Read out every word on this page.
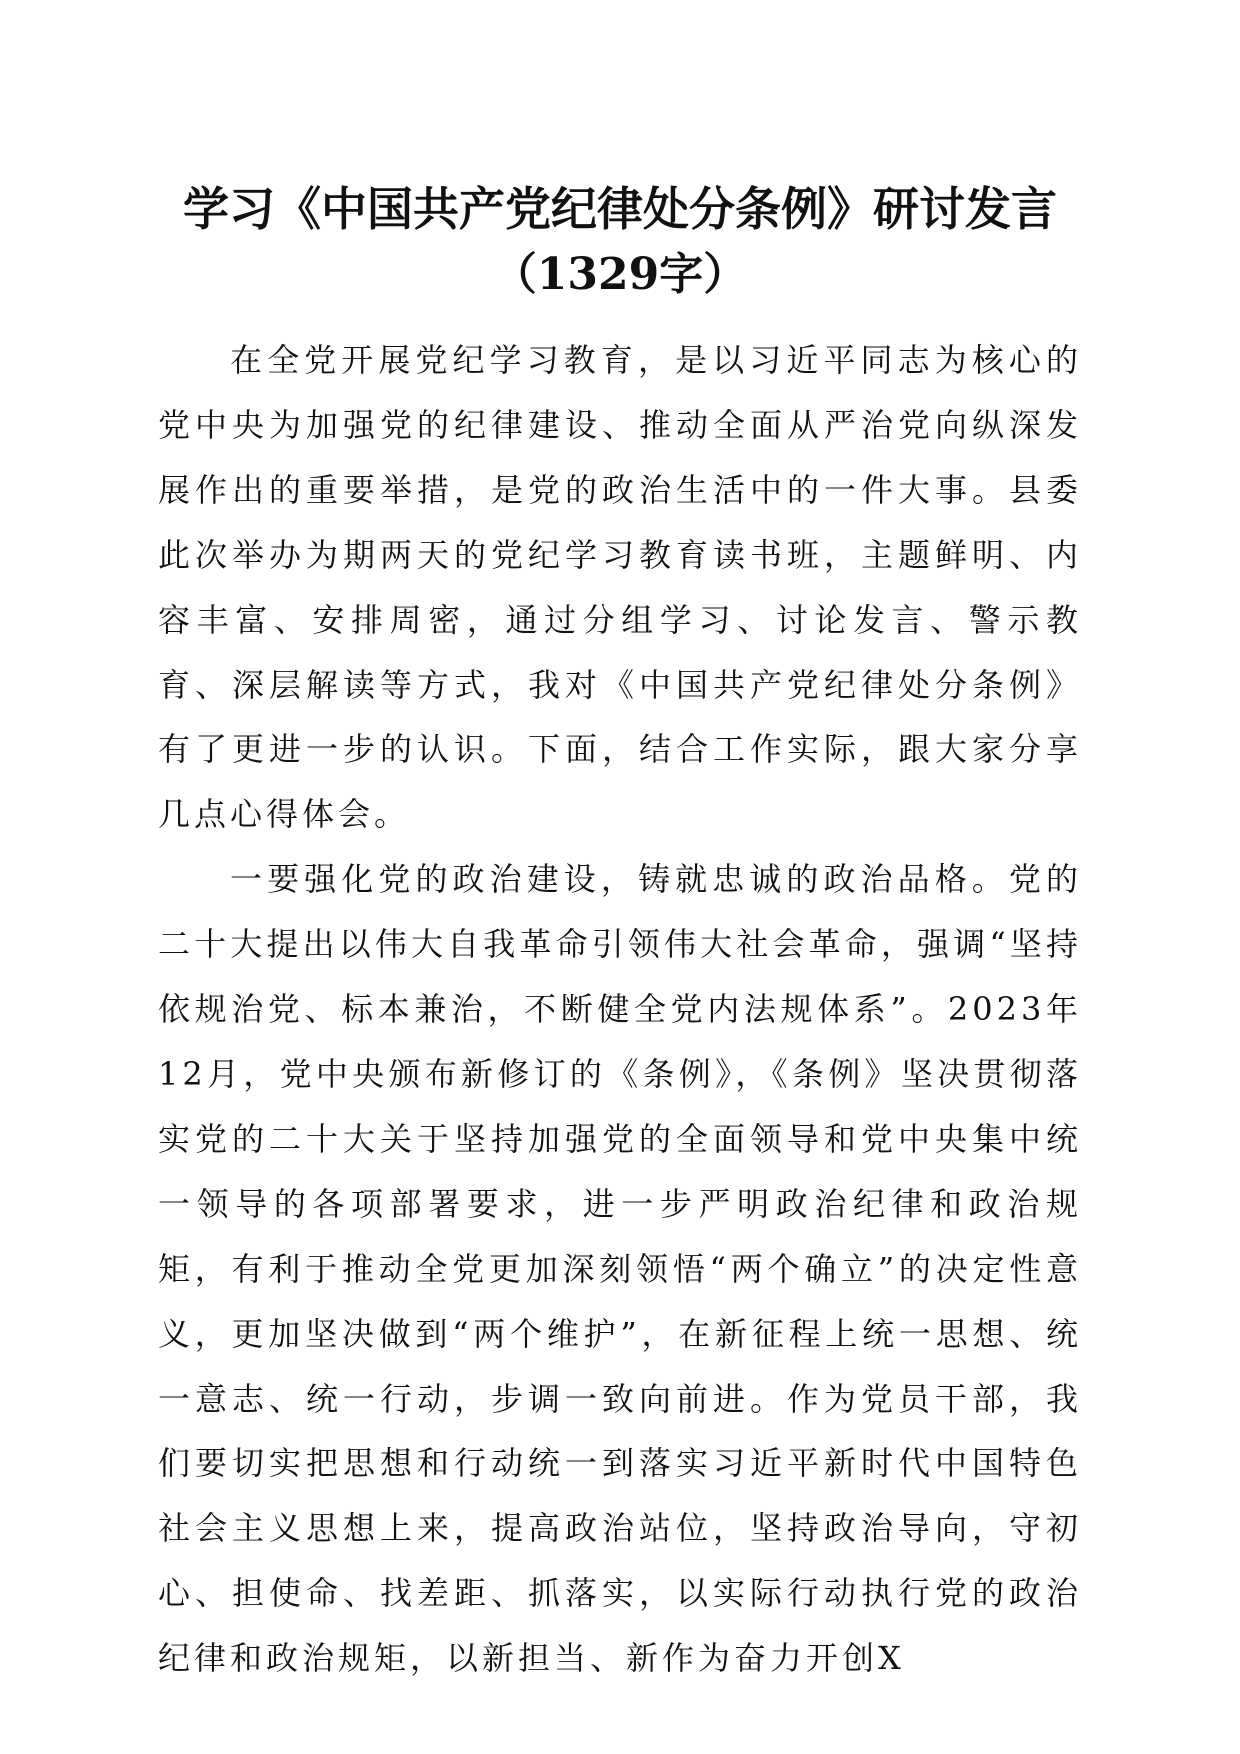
学习《中国共产党纪律处分条例》研讨发言
（1329字）

在全党开展党纪学习教育，是以习近平同志为核心的党中央为加强党的纪律建设、推动全面从严治党向纵深发展作出的重要举措，是党的政治生活中的一件大事。县委此次举办为期两天的党纪学习教育读书班，主题鲜明、内容丰富、安排周密，通过分组学习、讨论发言、警示教育、深层解读等方式，我对《中国共产党纪律处分条例》有了更进一步的认识。下面，结合工作实际，跟大家分享几点心得体会。

一要强化党的政治建设，铸就忠诚的政治品格。党的二十大提出以伟大自我革命引领伟大社会革命，强调“坚持依规治党、标本兼治，不断健全党内法规体系”。2023年12月，党中央颁布新修订的《条例》，《条例》坚决贯彻落实党的二十大关于坚持加强党的全面领导和党中央集中统一领导的各项部署要求，进一步严明政治纪律和政治规矩，有利于推动全党更加深刻领悟“两个确立”的决定性意义，更加坚决做到“两个维护”，在新征程上统一思想、统一意志、统一行动，步调一致向前进。作为党员干部，我们要切实把思想和行动统一到落实习近平新时代中国特色社会主义思想上来，提高政治站位，坚持政治导向，守初心、担使命、找差距、抓落实，以实际行动执行党的政治纪律和政治规矩，以新担当、新作为奋力开创X
